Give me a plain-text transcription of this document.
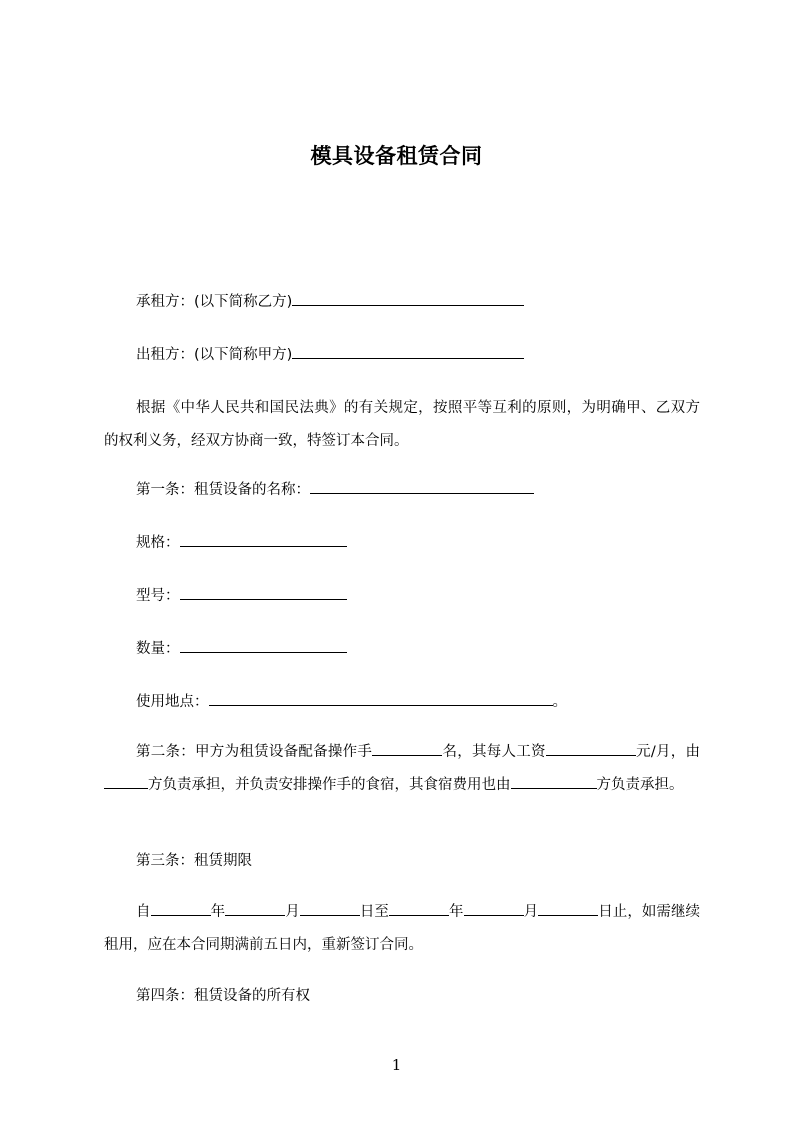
模具设备租赁合同
承租方：(以下简称乙方)
出租方：(以下简称甲方)
根据《中华人民共和国民法典》的有关规定，按照平等互利的原则，为明确甲、乙双方的权利义务，经双方协商一致，特签订本合同。
第一条：租赁设备的名称：
规格：
型号：
数量：
使用地点：	。
第二条：甲方为租赁设备配备操作手	名，其每人工资	元/月，由方负责承担，并负责安排操作手的食宿，其食宿费用也由	方负责承担。
第三条：租赁期限
自	年	月	日至	年	月	日止，如需继续租用，应在本合同期满前五日内，重新签订合同。
第四条：租赁设备的所有权
1
